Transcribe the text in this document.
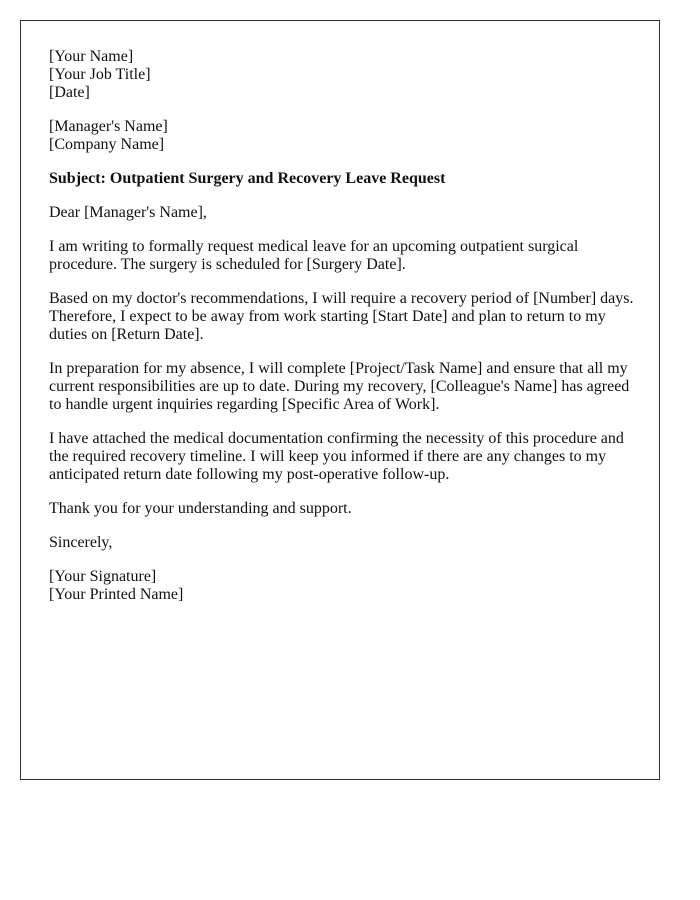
[Your Name]
[Your Job Title]
[Date]
[Manager's Name]
[Company Name]

Subject: Outpatient Surgery and Recovery Leave Request

Dear [Manager's Name],

I am writing to formally request medical leave for an upcoming outpatient surgical procedure. The surgery is scheduled for [Surgery Date].

Based on my doctor's recommendations, I will require a recovery period of [Number] days. Therefore, I expect to be away from work starting [Start Date] and plan to return to my duties on [Return Date].

In preparation for my absence, I will complete [Project/Task Name] and ensure that all my current responsibilities are up to date. During my recovery, [Colleague's Name] has agreed to handle urgent inquiries regarding [Specific Area of Work].

I have attached the medical documentation confirming the necessity of this procedure and the required recovery timeline. I will keep you informed if there are any changes to my anticipated return date following my post-operative follow-up.

Thank you for your understanding and support.

Sincerely,

[Your Signature]
[Your Printed Name]
